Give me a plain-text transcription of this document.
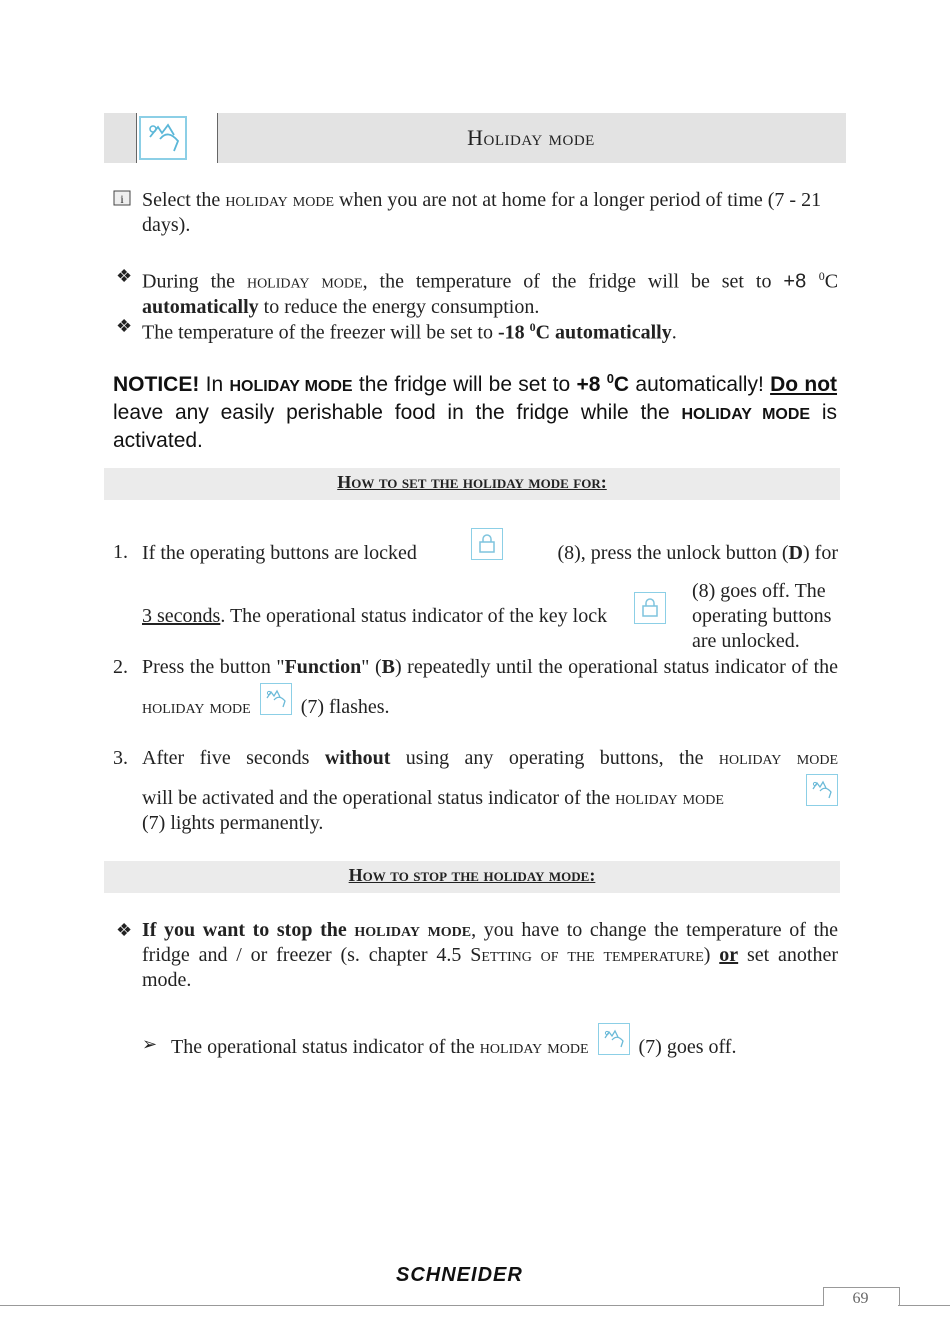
Holiday mode
i Select the holiday mode when you are not at home for a longer period of time (7 - 21 days).
❖ During the holiday mode, the temperature of the fridge will be set to +8 $^0$C automatically to reduce the energy consumption.
❖ The temperature of the freezer will be set to -18 $^0$C automatically.
NOTICE! In HOLIDAY MODE the fridge will be set to +8 $^0$C automatically! Do not leave any easily perishable food in the fridge while the HOLIDAY MODE is activated.
How to set the holiday mode for:
1. If the operating buttons are locked	(8), press the unlock button (D) for
3 seconds. The operational status indicator of the key lock
(8) goes off. The operating buttons are unlocked.
2. Press the button "Function" (B) repeatedly until the operational status indicator of the
holiday mode	(7) flashes.
3. After five seconds without using any operating buttons, the holiday mode
will be activated and the operational status indicator of the holiday mode
(7) lights permanently.
How to stop the holiday mode:
❖ If you want to stop the holiday mode, you have to change the temperature of the fridge and / or freezer (s. chapter 4.5 Setting of the temperature) or set another mode.
➢ The operational status indicator of the holiday mode	(7) goes off.
SCHNEIDER
69
